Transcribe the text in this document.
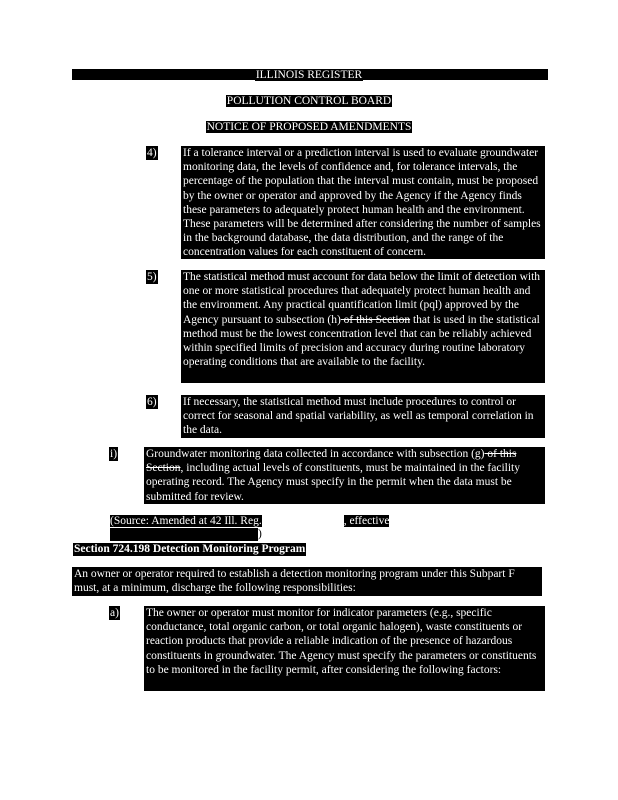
ILLINOIS REGISTER
POLLUTION CONTROL BOARD
NOTICE OF PROPOSED AMENDMENTS
4) If a tolerance interval or a prediction interval is used to evaluate groundwater monitoring data, the levels of confidence and, for tolerance intervals, the percentage of the population that the interval must contain, must be proposed by the owner or operator and approved by the Agency if the Agency finds these parameters to adequately protect human health and the environment. These parameters will be determined after considering the number of samples in the background database, the data distribution, and the range of the concentration values for each constituent of concern.
5) The statistical method must account for data below the limit of detection with one or more statistical procedures that adequately protect human health and the environment. Any practical quantification limit (pql) approved by the Agency pursuant to subsection (h) of this Section that is used in the statistical method must be the lowest concentration level that can be reliably achieved within specified limits of precision and accuracy during routine laboratory operating conditions that are available to the facility.
6) If necessary, the statistical method must include procedures to control or correct for seasonal and spatial variability, as well as temporal correlation in the data.
i)	Groundwater monitoring data collected in accordance with subsection (g) of this Section, including actual levels of constituents, must be maintained in the facility operating record. The Agency must specify in the permit when the data must be submitted for review.
(Source: Amended at 42 Ill. Reg.	, effective )
Section 724.198 Detection Monitoring Program
An owner or operator required to establish a detection monitoring program under this Subpart F must, at a minimum, discharge the following responsibilities:
a) The owner or operator must monitor for indicator parameters (e.g., specific conductance, total organic carbon, or total organic halogen), waste constituents or reaction products that provide a reliable indication of the presence of hazardous constituents in groundwater. The Agency must specify the parameters or constituents to be monitored in the facility permit, after considering the following factors:
